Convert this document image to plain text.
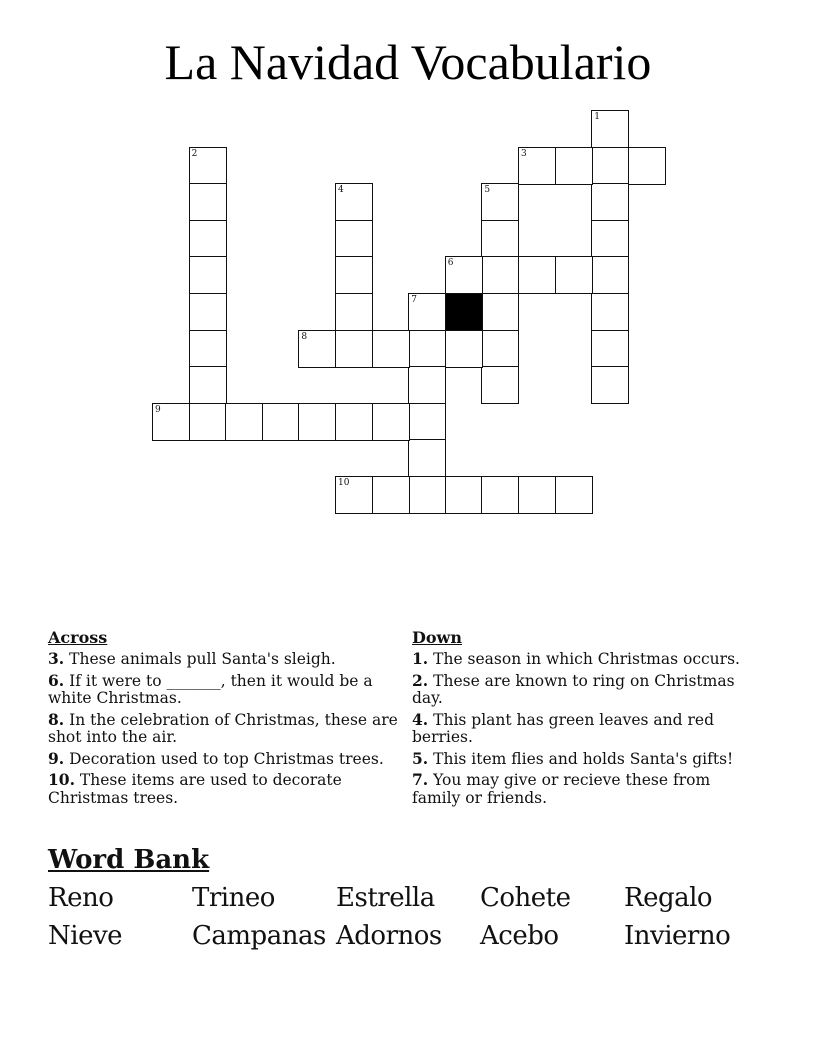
La Navidad Vocabulario
1
2	3
4	5
6
7
8
9
10
Across
3. These animals pull Santa's sleigh.
6. If it were to _______, then it would be a white Christmas.
8. In the celebration of Christmas, these are shot into the air.
9. Decoration used to top Christmas trees.
10. These items are used to decorate Christmas trees.
Down
1. The season in which Christmas occurs.
2. These are known to ring on Christmas day.
4. This plant has green leaves and red berries.
5. This item flies and holds Santa's gifts!
7. You may give or recieve these from family or friends.
Word Bank
Reno	Trineo	Estrella	Cohete	Regalo
Nieve	Campanas Adornos	Acebo	Invierno
